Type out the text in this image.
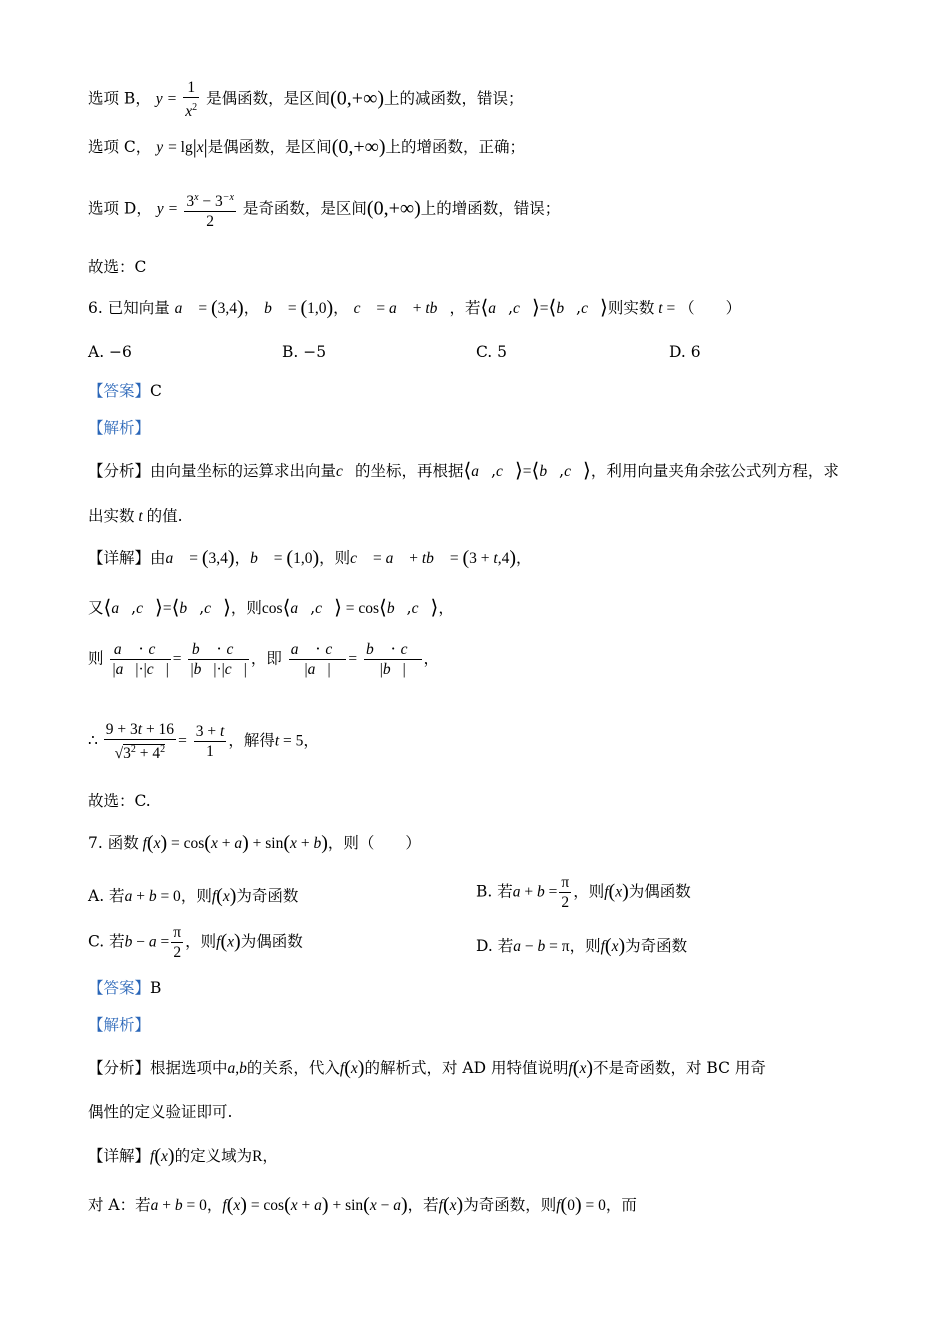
选项 B， $y = \frac{1}{x^2}$ 是偶函数，是区间(0,+∞)上的减函数，错误；
选项 C， y = lg|x|是偶函数，是区间(0,+∞)上的增函数，正确；
选项 D， $y = \frac{3^x - 3^{-x}}{2}$ 是奇函数，是区间(0,+∞)上的增函数，错误；
故选：C
6. 已知向量 a⃗ = (3,4)， b⃗ = (1,0)， c⃗ = a⃗ + tb⃗，若⟨a⃗,c⃗⟩=⟨b⃗,c⃗⟩则实数 t = （　　）
A. −6	B. −5	C. 5	D. 6
【答案】C
【解析】
【分析】由向量坐标的运算求出向量c⃗的坐标，再根据⟨a⃗,c⃗⟩=⟨b⃗,c⃗⟩，利用向量夹角余弦公式列方程，求
出实数 t 的值.
【详解】由a⃗ = (3,4)，b⃗ = (1,0)，则c⃗ = a⃗ + tb⃗ = (3 + t,4)，
又⟨a⃗,c⃗⟩=⟨b⃗,c⃗⟩，则cos⟨a⃗,c⃗⟩ = cos⟨b⃗,c⃗⟩，
则 $\frac{a⃗ \cdot c⃗}{|a⃗|\cdot|c⃗|} = \frac{b⃗ \cdot c⃗}{|b⃗|\cdot|c⃗|}$ ，即 $\frac{a⃗ \cdot c⃗}{|a⃗|} = \frac{b⃗ \cdot c⃗}{|b⃗|}$ ，
∴ $\frac{9 + 3t + 16}{√3^2 + 4^2} = \frac{3 + t}{1}$ ，解得t = 5，
故选：C.
7. 函数 f(x) = cos(x + a) + sin(x + b)，则（　　）
A. 若a + b = 0，则f(x)为奇函数	B. 若$a + b = \frac{\pi}{2}$ ，则f(x)为偶函数
C. 若$b - a = \frac{\pi}{2}$ ，则f(x)为偶函数	D. 若a − b = π，则f(x)为奇函数
【答案】B
【解析】
【分析】根据选项中a,b的关系，代入f(x)的解析式，对 AD 用特值说明f(x)不是奇函数，对 BC 用奇
偶性的定义验证即可.
【详解】f(x)的定义域为R，
对 A：若a + b = 0，f(x) = cos(x + a) + sin(x − a)，若f(x)为奇函数，则f(0) = 0，而
